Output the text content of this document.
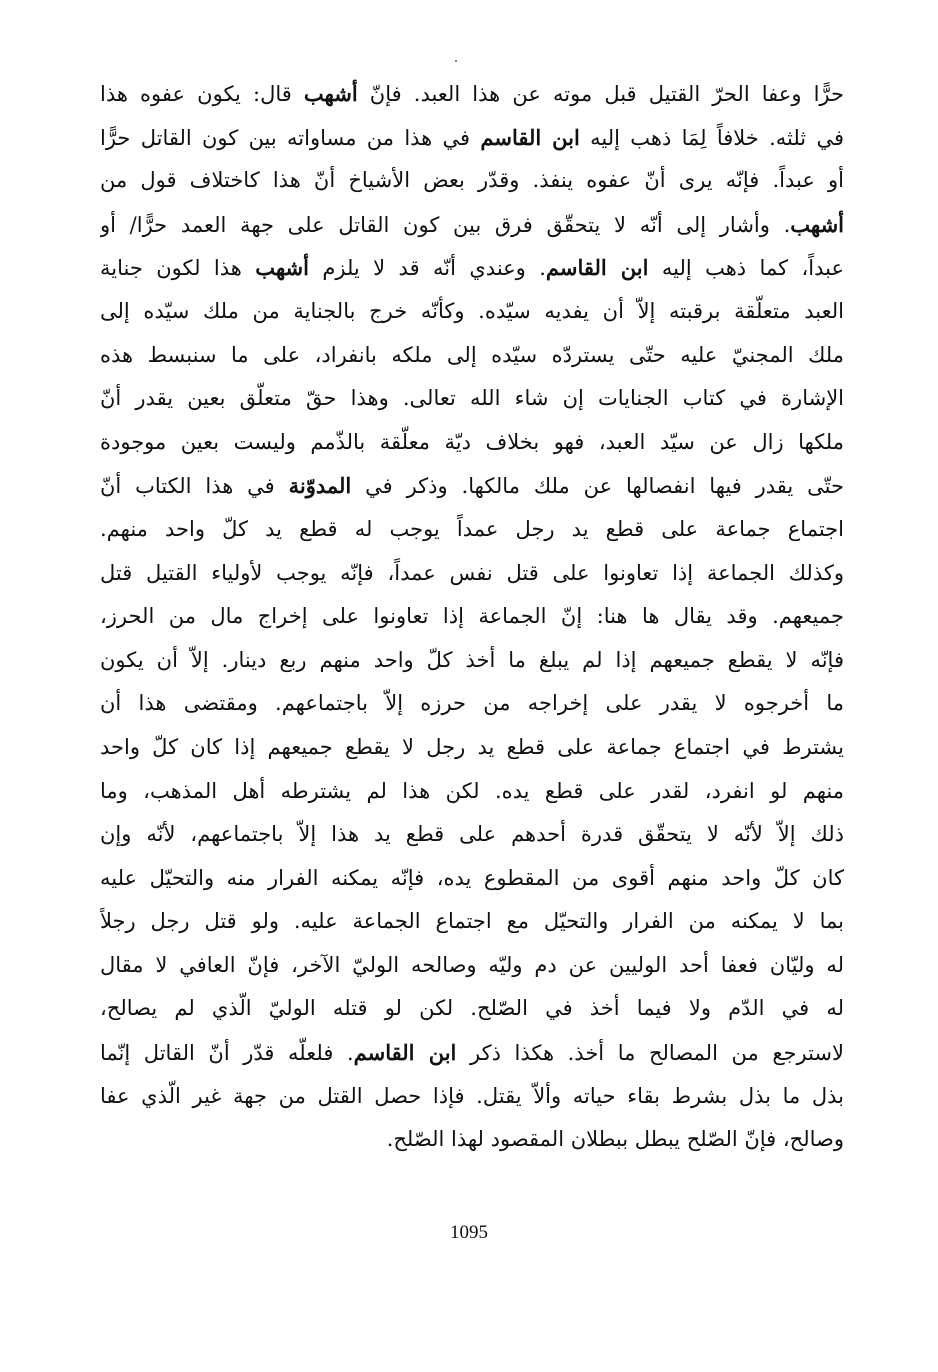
حرًّا وعفا الحرّ القتيل قبل موته عن هذا العبد. فإنّ أشهب قال: يكون عفوه هذا
في ثلثه. خلافاً لِمَا ذهب إليه ابن القاسم في هذا من مساواته بين كون القاتل حرًّا
أو عبداً. فإنّه يرى أنّ عفوه ينفذ. وقدّر بعض الأشياخ أنّ هذا كاختلاف قول من
أشهب. وأشار إلى أنّه لا يتحقّق فرق بين كون القاتل على جهة العمد حرًّا/ أو
عبداً، كما ذهب إليه ابن القاسم. وعندي أنّه قد لا يلزم أشهب هذا لكون جناية
العبد متعلّقة برقبته إلاّ أن يفديه سيّده. وكأنّه خرج بالجناية من ملك سيّده إلى
ملك المجنيّ عليه حتّى يستردّه سيّده إلى ملكه بانفراد، على ما سنبسط هذه
الإشارة في كتاب الجنايات إن شاء الله تعالى. وهذا حقّ متعلّق بعين يقدر أنّ
ملكها زال عن سيّد العبد، فهو بخلاف ديّة معلّقة بالذّمم وليست بعين موجودة
حتّى يقدر فيها انفصالها عن ملك مالكها. وذكر في المدوّنة في هذا الكتاب أنّ
اجتماع جماعة على قطع يد رجل عمداً يوجب له قطع يد كلّ واحد منهم.
وكذلك الجماعة إذا تعاونوا على قتل نفس عمداً، فإنّه يوجب لأولياء القتيل قتل
جميعهم. وقد يقال ها هنا: إنّ الجماعة إذا تعاونوا على إخراج مال من الحرز،
فإنّه لا يقطع جميعهم إذا لم يبلغ ما أخذ كلّ واحد منهم ربع دينار. إلاّ أن يكون
ما أخرجوه لا يقدر على إخراجه من حرزه إلاّ باجتماعهم. ومقتضى هذا أن
يشترط في اجتماع جماعة على قطع يد رجل لا يقطع جميعهم إذا كان كلّ واحد
منهم لو انفرد، لقدر على قطع يده. لكن هذا لم يشترطه أهل المذهب، وما
ذلك إلاّ لأنّه لا يتحقّق قدرة أحدهم على قطع يد هذا إلاّ باجتماعهم، لأنّه وإن
كان كلّ واحد منهم أقوى من المقطوع يده، فإنّه يمكنه الفرار منه والتحيّل عليه
بما لا يمكنه من الفرار والتحيّل مع اجتماع الجماعة عليه. ولو قتل رجل رجلاً
له وليّان فعفا أحد الوليين عن دم وليّه وصالحه الوليّ الآخر، فإنّ العافي لا مقال
له في الدّم ولا فيما أخذ في الصّلح. لكن لو قتله الوليّ الّذي لم يصالح،
لاسترجع من المصالح ما أخذ. هكذا ذكر ابن القاسم. فلعلّه قدّر أنّ القاتل إنّما
بذل ما بذل بشرط بقاء حياته وألاّ يقتل. فإذا حصل القتل من جهة غير الّذي عفا
وصالح، فإنّ الصّلح يبطل ببطلان المقصود لهذا الصّلح.
1095
